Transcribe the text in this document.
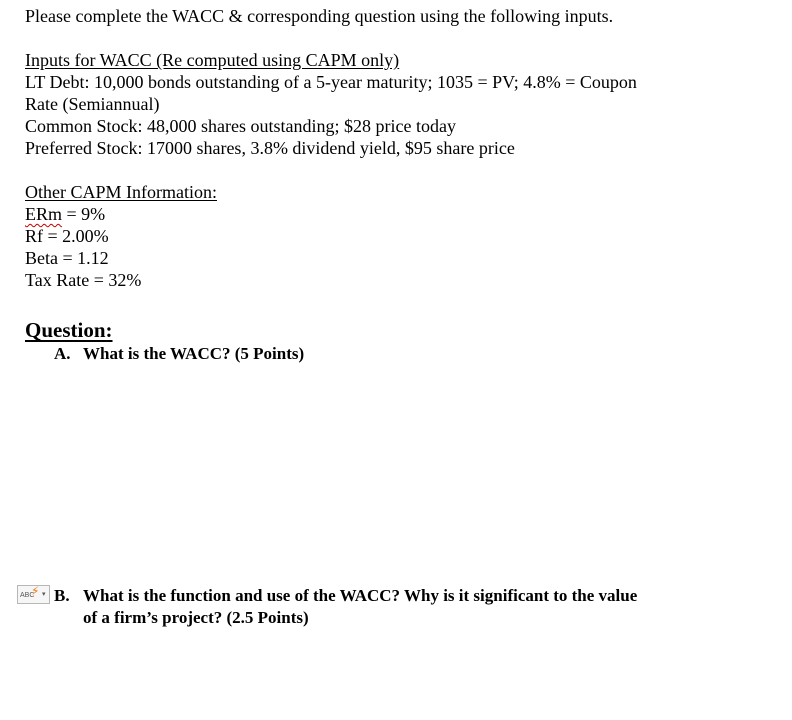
Please complete the WACC & corresponding question using the following inputs.
Inputs for WACC (Re computed using CAPM only)
LT Debt: 10,000 bonds outstanding of a 5-year maturity; 1035 = PV; 4.8% = Coupon
Rate (Semiannual)
Common Stock: 48,000 shares outstanding; $28 price today
Preferred Stock: 17000 shares, 3.8% dividend yield, $95 share price
Other CAPM Information:
ERm = 9%
Rf = 2.00%
Beta = 1.12
Tax Rate = 32%
Question:
A. What is the WACC? (5 Points)
ABC
⚡ ▾ B. What is the function and use of the WACC? Why is it significant to the value
of a firm’s project? (2.5 Points)
